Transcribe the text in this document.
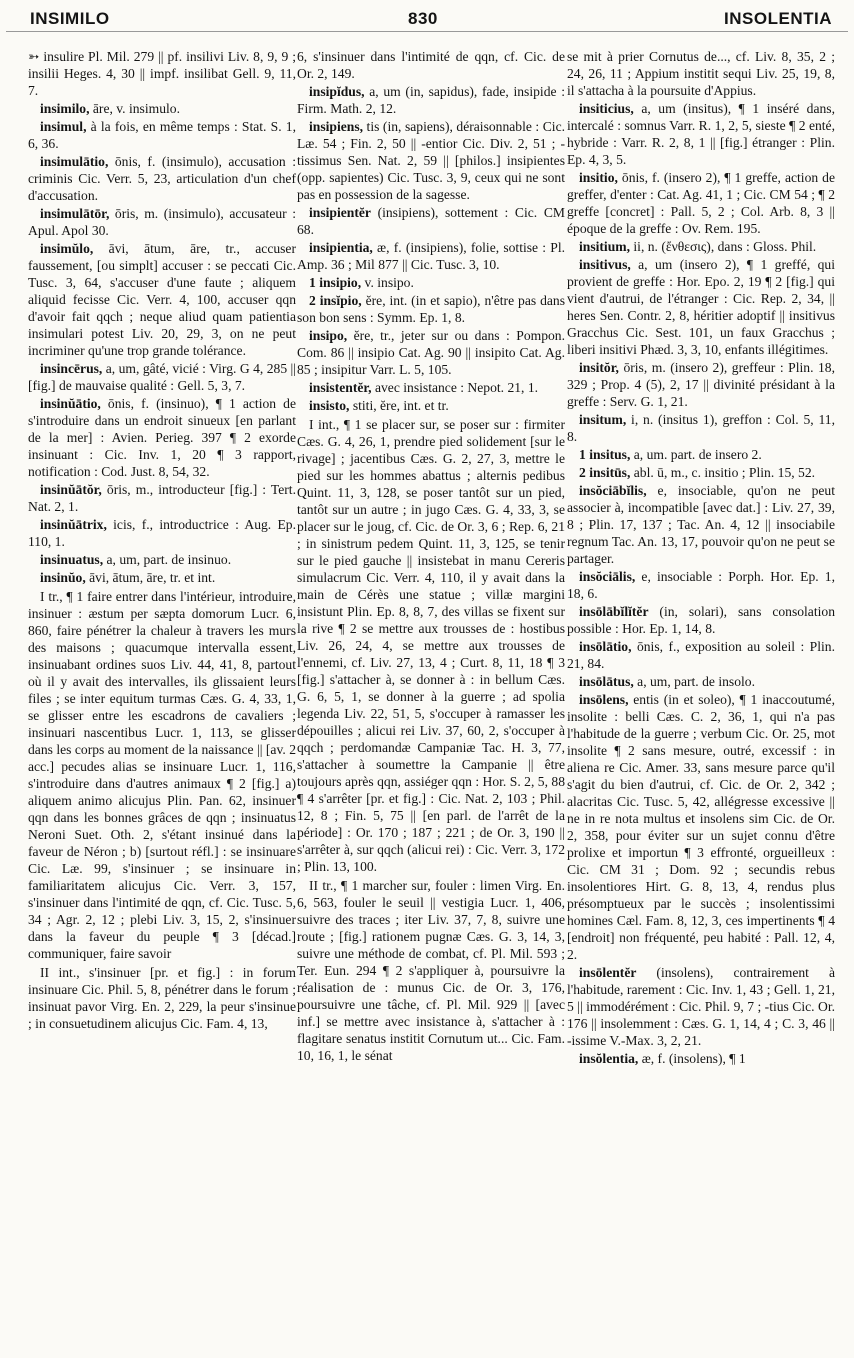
INSIMILO	830	INSOLENTIA

➳ insulire Pl. Mil. 279 || pf. insilivi Liv. 8, 9, 9 ; insilii Heges. 4, 30 || impf. insilibat Gell. 9, 11, 7.

insimilo, āre, v. insimulo.

insimul, à la fois, en même temps : Stat. S. 1, 6, 36.

insimulātio, ōnis, f. (insimulo), accusation : criminis Cic. Verr. 5, 23, articulation d'un chef d'accusation.

insimulātōr, ōris, m. (insimulo), accusateur : Apul. Apol 30.

insimŭlo, āvi, ātum, āre, tr., accuser faussement, [ou simplt] accuser : se peccati Cic. Tusc. 3, 64, s'accuser d'une faute ; aliquem aliquid fecisse Cic. Verr. 4, 100, accuser qqn d'avoir fait qqch ; neque aliud quam patientia insimulari potest Liv. 20, 29, 3, on ne peut incriminer qu'une trop grande tolérance.

insincērus, a, um, gâté, vicié : Virg. G 4, 285 || [fig.] de mauvaise qualité : Gell. 5, 3, 7.

insinŭātio, ōnis, f. (insinuo), ¶ 1 action de s'introduire dans un endroit sinueux [en parlant de la mer] : Avien. Perieg. 397 ¶ 2 exorde insinuant : Cic. Inv. 1, 20 ¶ 3 rapport, notification : Cod. Just. 8, 54, 32.

insinŭātŏr, ōris, m., introducteur [fig.] : Tert. Nat. 2, 1.

insinŭātrix, icis, f., introductrice : Aug. Ep. 110, 1.

insinuatus, a, um, part. de insinuo.

insinŭo, āvi, ātum, āre, tr. et int.

I tr., ¶ 1 faire entrer dans l'intérieur, introduire, insinuer : æstum per sæpta domorum Lucr. 6, 860, faire pénétrer la chaleur à travers les murs des maisons ; quacumque intervalla essent, insinuabant ordines suos Liv. 44, 41, 8, partout où il y avait des intervalles, ils glissaient leurs files ; se inter equitum turmas Cæs. G. 4, 33, 1, se glisser entre les escadrons de cavaliers ; insinuari nascentibus Lucr. 1, 113, se glisser dans les corps au moment de la naissance || [av. 2 acc.] pecudes alias se insinuare Lucr. 1, 116, s'introduire dans d'autres animaux ¶ 2 [fig.] a) aliquem animo alicujus Plin. Pan. 62, insinuer qqn dans les bonnes grâces de qqn ; insinuatus Neroni Suet. Oth. 2, s'étant insinué dans la faveur de Néron ; b) [surtout réfl.] : se insinuare Cic. Læ. 99, s'insinuer ; se insinuare in familiaritatem alicujus Cic. Verr. 3, 157, s'insinuer dans l'intimité de qqn, cf. Cic. Tusc. 5, 34 ; Agr. 2, 12 ; plebi Liv. 3, 15, 2, s'insinuer dans la faveur du peuple ¶ 3 [décad.] communiquer, faire savoir

II int., s'insinuer [pr. et fig.] : in forum insinuare Cic. Phil. 5, 8, pénétrer dans le forum ; insinuat pavor Virg. En. 2, 229, la peur s'insinue ; in consuetudinem alicujus Cic. Fam. 4, 13,

6, s'insinuer dans l'intimité de qqn, cf. Cic. de Or. 2, 149.

insipĭdus, a, um (in, sapidus), fade, insipide : Firm. Math. 2, 12.

insipiens, tis (in, sapiens), déraisonnable : Cic. Læ. 54 ; Fin. 2, 50 || -entior Cic. Div. 2, 51 ; -tissimus Sen. Nat. 2, 59 || [philos.] insipientes (opp. sapientes) Cic. Tusc. 3, 9, ceux qui ne sont pas en possession de la sagesse.

insipientĕr (insipiens), sottement : Cic. CM 68.

insipientia, æ, f. (insipiens), folie, sottise : Pl. Amp. 36 ; Mil 877 || Cic. Tusc. 3, 10.

1 insipio, v. insipo.

2 insĭpio, ĕre, int. (in et sapio), n'être pas dans son bon sens : Symm. Ep. 1, 8.

insipo, ĕre, tr., jeter sur ou dans : Pompon. Com. 86 || insipio Cat. Ag. 90 || insipito Cat. Ag. 85 ; insipitur Varr. L. 5, 105.

insistentĕr, avec insistance : Nepot. 21, 1.

insisto, stiti, ĕre, int. et tr.

I int., ¶ 1 se placer sur, se poser sur : firmiter Cæs. G. 4, 26, 1, prendre pied solidement [sur le rivage] ; jacentibus Cæs. G. 2, 27, 3, mettre le pied sur les hommes abattus ; alternis pedibus Quint. 11, 3, 128, se poser tantôt sur un pied, tantôt sur un autre ; in jugo Cæs. G. 4, 33, 3, se placer sur le joug, cf. Cic. de Or. 3, 6 ; Rep. 6, 21 ; in sinistrum pedem Quint. 11, 3, 125, se tenir sur le pied gauche || insistebat in manu Cereris simulacrum Cic. Verr. 4, 110, il y avait dans la main de Cérès une statue ; villæ margini insistunt Plin. Ep. 8, 8, 7, des villas se fixent sur la rive ¶ 2 se mettre aux trousses de : hostibus Liv. 26, 24, 4, se mettre aux trousses de l'ennemi, cf. Liv. 27, 13, 4 ; Curt. 8, 11, 18 ¶ 3 [fig.] s'attacher à, se donner à : in bellum Cæs. G. 6, 5, 1, se donner à la guerre ; ad spolia legenda Liv. 22, 51, 5, s'occuper à ramasser les dépouilles ; alicui rei Liv. 37, 60, 2, s'occuper à qqch ; perdomandæ Campaniæ Tac. H. 3, 77, s'attacher à soumettre la Campanie || être toujours après qqn, assiéger qqn : Hor. S. 2, 5, 88 ¶ 4 s'arrêter [pr. et fig.] : Cic. Nat. 2, 103 ; Phil. 12, 8 ; Fin. 5, 75 || [en parl. de l'arrêt de la période] : Or. 170 ; 187 ; 221 ; de Or. 3, 190 || s'arrêter à, sur qqch (alicui rei) : Cic. Verr. 3, 172 ; Plin. 13, 100.

II tr., ¶ 1 marcher sur, fouler : limen Virg. En. 6, 563, fouler le seuil || vestigia Lucr. 1, 406, suivre des traces ; iter Liv. 37, 7, 8, suivre une route ; [fig.] rationem pugnæ Cæs. G. 3, 14, 3, suivre une méthode de combat, cf. Pl. Mil. 593 ; Ter. Eun. 294 ¶ 2 s'appliquer à, poursuivre la réalisation de : munus Cic. de Or. 3, 176, poursuivre une tâche, cf. Pl. Mil. 929 || [avec inf.] se mettre avec insistance à, s'attacher à : flagitare senatus institit Cornutum ut... Cic. Fam. 10, 16, 1, le sénat

se mit à prier Cornutus de..., cf. Liv. 8, 35, 2 ; 24, 26, 11 ; Appium institit sequi Liv. 25, 19, 8, il s'attacha à la poursuite d'Appius.

insiticius, a, um (insitus), ¶ 1 inséré dans, intercalé : somnus Varr. R. 1, 2, 5, sieste ¶ 2 enté, hybride : Varr. R. 2, 8, 1 || [fig.] étranger : Plin. Ep. 4, 3, 5.

insitio, ōnis, f. (insero 2), ¶ 1 greffe, action de greffer, d'enter : Cat. Ag. 41, 1 ; Cic. CM 54 ; ¶ 2 greffe [concret] : Pall. 5, 2 ; Col. Arb. 8, 3 || époque de la greffe : Ov. Rem. 195.

insitium, ii, n. (ἔνθεσις), dans : Gloss. Phil.

insitivus, a, um (insero 2), ¶ 1 greffé, qui provient de greffe : Hor. Epo. 2, 19 ¶ 2 [fig.] qui vient d'autrui, de l'étranger : Cic. Rep. 2, 34, || heres Sen. Contr. 2, 8, héritier adoptif || insitivus Gracchus Cic. Sest. 101, un faux Gracchus ; liberi insitivi Phæd. 3, 3, 10, enfants illégitimes.

insitŏr, ōris, m. (insero 2), greffeur : Plin. 18, 329 ; Prop. 4 (5), 2, 17 || divinité présidant à la greffe : Serv. G. 1, 21.

insitum, i, n. (insitus 1), greffon : Col. 5, 11, 8.

1 insitus, a, um. part. de insero 2.

2 insitūs, abl. ū, m., c. insitio ; Plin. 15, 52.

insŏciābĭlis, e, insociable, qu'on ne peut associer à, incompatible [avec dat.] : Liv. 27, 39, 8 ; Plin. 17, 137 ; Tac. An. 4, 12 || insociabile regnum Tac. An. 13, 17, pouvoir qu'on ne peut se partager.

insŏciālis, e, insociable : Porph. Hor. Ep. 1, 18, 6.

insōlābĭlĭtĕr (in, solari), sans consolation possible : Hor. Ep. 1, 14, 8.

insōlātio, ōnis, f., exposition au soleil : Plin. 21, 84.

insōlātus, a, um, part. de insolo.

insōlens, entis (in et soleo), ¶ 1 inaccoutumé, insolite : belli Cæs. C. 2, 36, 1, qui n'a pas l'habitude de la guerre ; verbum Cic. Or. 25, mot insolite ¶ 2 sans mesure, outré, excessif : in aliena re Cic. Amer. 33, sans mesure parce qu'il s'agit du bien d'autrui, cf. Cic. de Or. 2, 342 ; alacritas Cic. Tusc. 5, 42, allégresse excessive || ne in re nota multus et insolens sim Cic. de Or. 2, 358, pour éviter sur un sujet connu d'être prolixe et importun ¶ 3 effronté, orgueilleux : Cic. CM 31 ; Dom. 92 ; secundis rebus insolentiores Hirt. G. 8, 13, 4, rendus plus présomptueux par le succès ; insolentissimi homines Cæl. Fam. 8, 12, 3, ces impertinents ¶ 4 [endroit] non fréquenté, peu habité : Pall. 12, 4, 2.

insōlentĕr (insolens), contrairement à l'habitude, rarement : Cic. Inv. 1, 43 ; Gell. 1, 21, 5 || immodérément : Cic. Phil. 9, 7 ; -tius Cic. Or. 176 || insolemment : Cæs. G. 1, 14, 4 ; C. 3, 46 || -issime V.-Max. 3, 2, 21.

insŏlentia, æ, f. (insolens), ¶ 1
